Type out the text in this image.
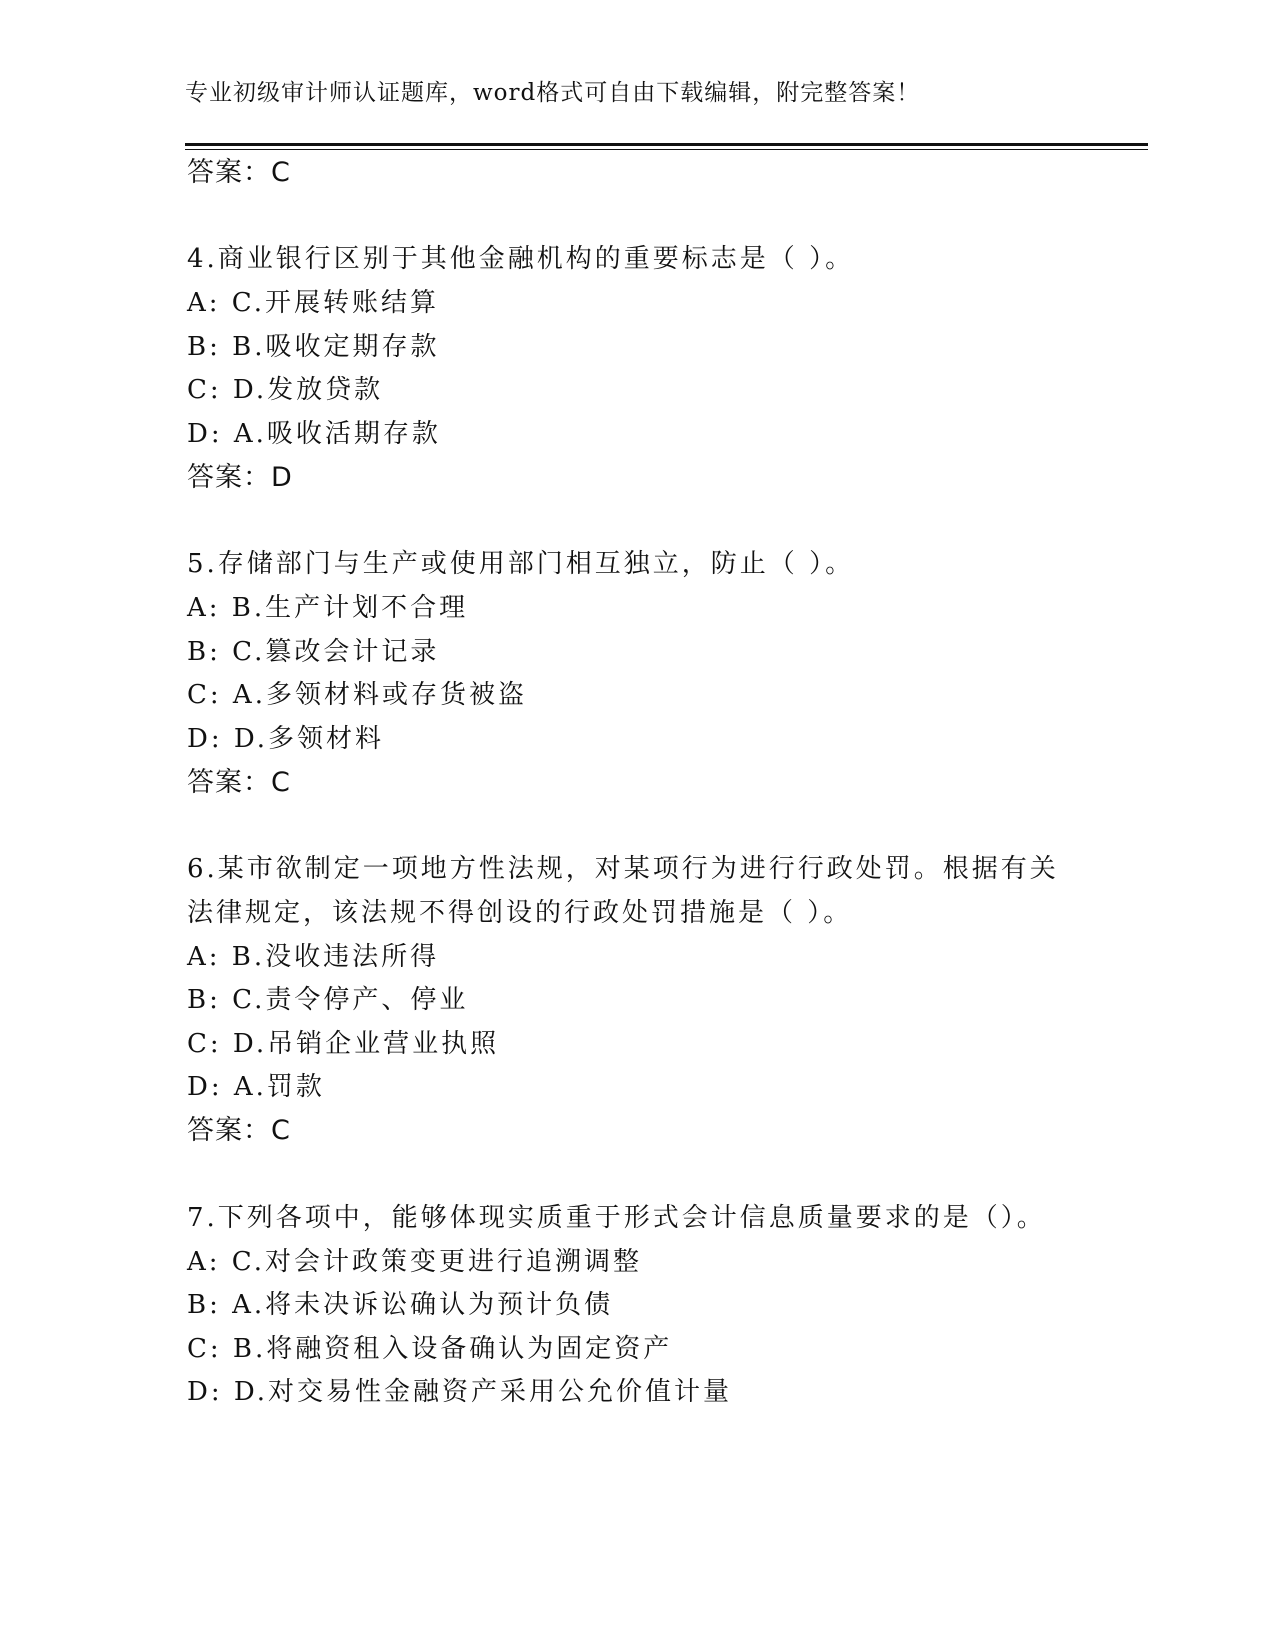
专业初级审计师认证题库，word格式可自由下载编辑，附完整答案！
答案：C
4.商业银行区别于其他金融机构的重要标志是（ ）。
A: C.开展转账结算
B: B.吸收定期存款
C: D.发放贷款
D: A.吸收活期存款
答案：D
5.存储部门与生产或使用部门相互独立，防止（ ）。
A: B.生产计划不合理
B: C.篡改会计记录
C: A.多领材料或存货被盗
D: D.多领材料
答案：C
6.某市欲制定一项地方性法规，对某项行为进行行政处罚。根据有关
法律规定，该法规不得创设的行政处罚措施是（ ）。
A: B.没收违法所得
B: C.责令停产、停业
C: D.吊销企业营业执照
D: A.罚款
答案：C
7.下列各项中，能够体现实质重于形式会计信息质量要求的是（）。
A: C.对会计政策变更进行追溯调整
B: A.将未决诉讼确认为预计负债
C: B.将融资租入设备确认为固定资产
D: D.对交易性金融资产采用公允价值计量
